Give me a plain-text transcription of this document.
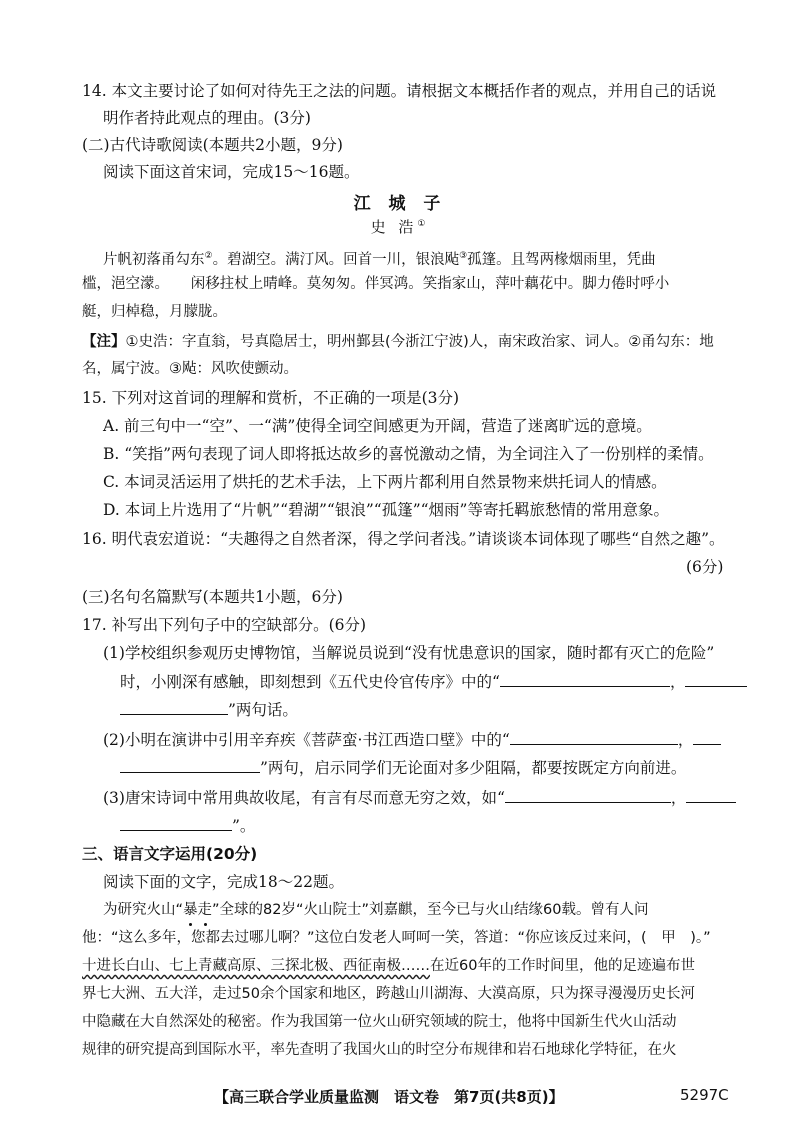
14. 本文主要讨论了如何对待先王之法的问题。请根据文本概括作者的观点，并用自己的话说
明作者持此观点的理由。(3分)
(二)古代诗歌阅读(本题共2小题，9分)
阅读下面这首宋词，完成15～16题。
江 城 子
史 浩①
片帆初落甬勾东②。碧湖空。满汀风。回首一川，银浪飐③孤篷。且驾两椽烟雨里，凭曲
槛，浥空濛。　　闲移拄杖上晴峰。莫匆匆。伴冥鸿。笑指家山，萍叶藕花中。脚力倦时呼小
艇，归棹稳，月朦胧。
【注】①史浩：字直翁，号真隐居士，明州鄞县(今浙江宁波)人，南宋政治家、词人。②甬勾东：地
名，属宁波。③飐：风吹使颤动。
15. 下列对这首词的理解和赏析，不正确的一项是(3分)
A. 前三句中一“空”、一“满”使得全词空间感更为开阔，营造了迷离旷远的意境。
B. “笑指”两句表现了词人即将抵达故乡的喜悦激动之情，为全词注入了一份别样的柔情。
C. 本词灵活运用了烘托的艺术手法，上下两片都利用自然景物来烘托词人的情感。
D. 本词上片选用了“片帆”“碧湖”“银浪”“孤篷”“烟雨”等寄托羁旅愁情的常用意象。
16. 明代袁宏道说：“夫趣得之自然者深，得之学问者浅。”请谈谈本词体现了哪些“自然之趣”。
(6分)
(三)名句名篇默写(本题共1小题，6分)
17. 补写出下列句子中的空缺部分。(6分)
(1)学校组织参观历史博物馆，当解说员说到“没有忧患意识的国家，随时都有灭亡的危险”
时，小刚深有感触，即刻想到《五代史伶官传序》中的“	，
”两句话。
(2)小明在演讲中引用辛弃疾《菩萨蛮·书江西造口壁》中的“	，
”两句，启示同学们无论面对多少阻隔，都要按既定方向前进。
(3)唐宋诗词中常用典故收尾，有言有尽而意无穷之效，如“	，
”。
三、语言文字运用(20分)
阅读下面的文字，完成18～22题。
为研究火山“暴走
”全球的82岁“火山院士”刘嘉麒，至今已与火山结缘60载。曾有人问
他：“这么多年，您都去过哪儿啊？”这位白发老人呵呵一笑，答道：“你应该反过来问，(　甲　)。”
十进长白山、七上青藏高原、三探北极、西征南极……在近60年的工作时间里，他的足迹遍布世
界七大洲、五大洋，走过50余个国家和地区，跨越山川湖海、大漠高原，只为探寻漫漫历史长河
中隐藏在大自然深处的秘密。作为我国第一位火山研究领域的院士，他将中国新生代火山活动
规律的研究提高到国际水平，率先查明了我国火山的时空分布规律和岩石地球化学特征，在火
【高三联合学业质量监测　语文卷　第7页(共8页)】	5297C
